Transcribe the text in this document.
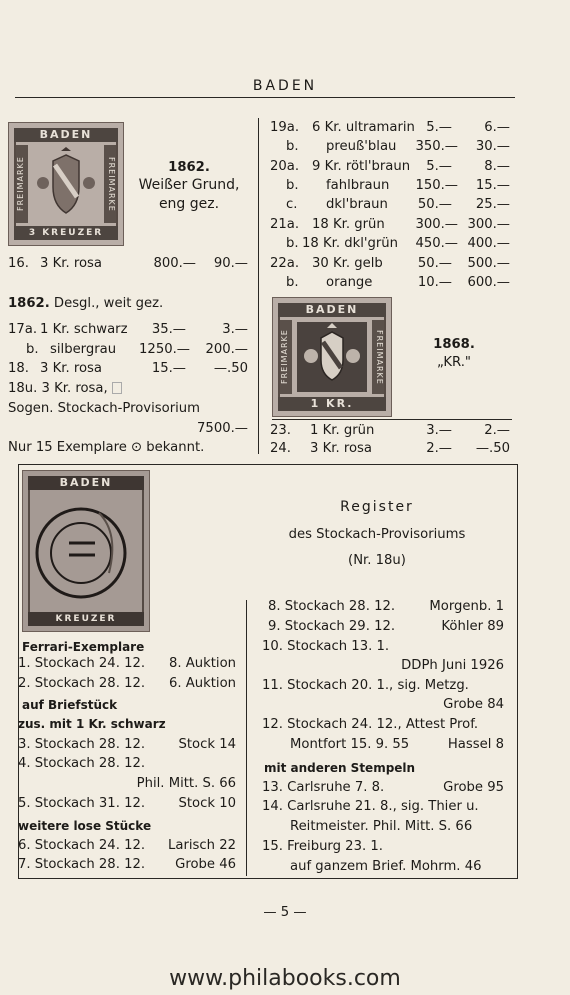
BADEN
BADEN
3 KREUZER
FREIMARKE	FREIMARKE	1862.
Weißer Grund,
eng gez.
16. 3 Kr. rosa	800.—	90.—
1862. Desgl., weit gez.
17a. 1 Kr. schwarz	35.—	3.—
b. silbergrau	1250.—	200.—
18. 3 Kr. rosa	15.—	—.50
18u. 3 Kr. rosa,
Sogen. Stockach-Provisorium
7500.—
Nur 15 Exemplare ⊙ bekannt.
19a. 6 Kr. ultramarin 5.—	6.—
b. preuß'blau	350.—	30.—
20a. 9 Kr. rötl'braun	5.—	8.—
b. fahlbraun	150.—	15.—
c. dkl'braun	50.—	25.—
21a. 18 Kr. grün	300.— 300.—
b. 18 Kr. dkl'grün	450.— 400.—
22a. 30 Kr. gelb	50.—	500.—
b. orange	10.—	600.—
BADEN
1 KR.
FREIMARKE	FREIMARKE	1868.
„KR."
23. 1 Kr. grün	3.—	2.—
24. 3 Kr. rosa	2.—	—.50
BADEN
KREUZER
Register
des Stockach-Provisoriums
(Nr. 18u)
Ferrari-Exemplare
1. Stockach 24. 12.	8. Auktion
2. Stockach 28. 12.	6. Auktion
auf Briefstück
zus. mit 1 Kr. schwarz
3. Stockach 28. 12.	Stock 14
4. Stockach 28. 12.
Phil. Mitt. S. 66
5. Stockach 31. 12.	Stock 10
weitere lose Stücke
6. Stockach 24. 12.	Larisch 22
7. Stockach 28. 12.	Grobe 46
8. Stockach 28. 12.	Morgenb. 1
9. Stockach 29. 12.	Köhler 89
10. Stockach 13. 1.
DDPh Juni 1926
11. Stockach 20. 1., sig. Metzg.
Grobe 84
12. Stockach 24. 12., Attest Prof.
Montfort 15. 9. 55	Hassel 8
mit anderen Stempeln
13. Carlsruhe 7. 8.	Grobe 95
14. Carlsruhe 21. 8., sig. Thier u.
Reitmeister. Phil. Mitt. S. 66
15. Freiburg 23. 1.
auf ganzem Brief. Mohrm. 46
— 5 —
www.philabooks.com
